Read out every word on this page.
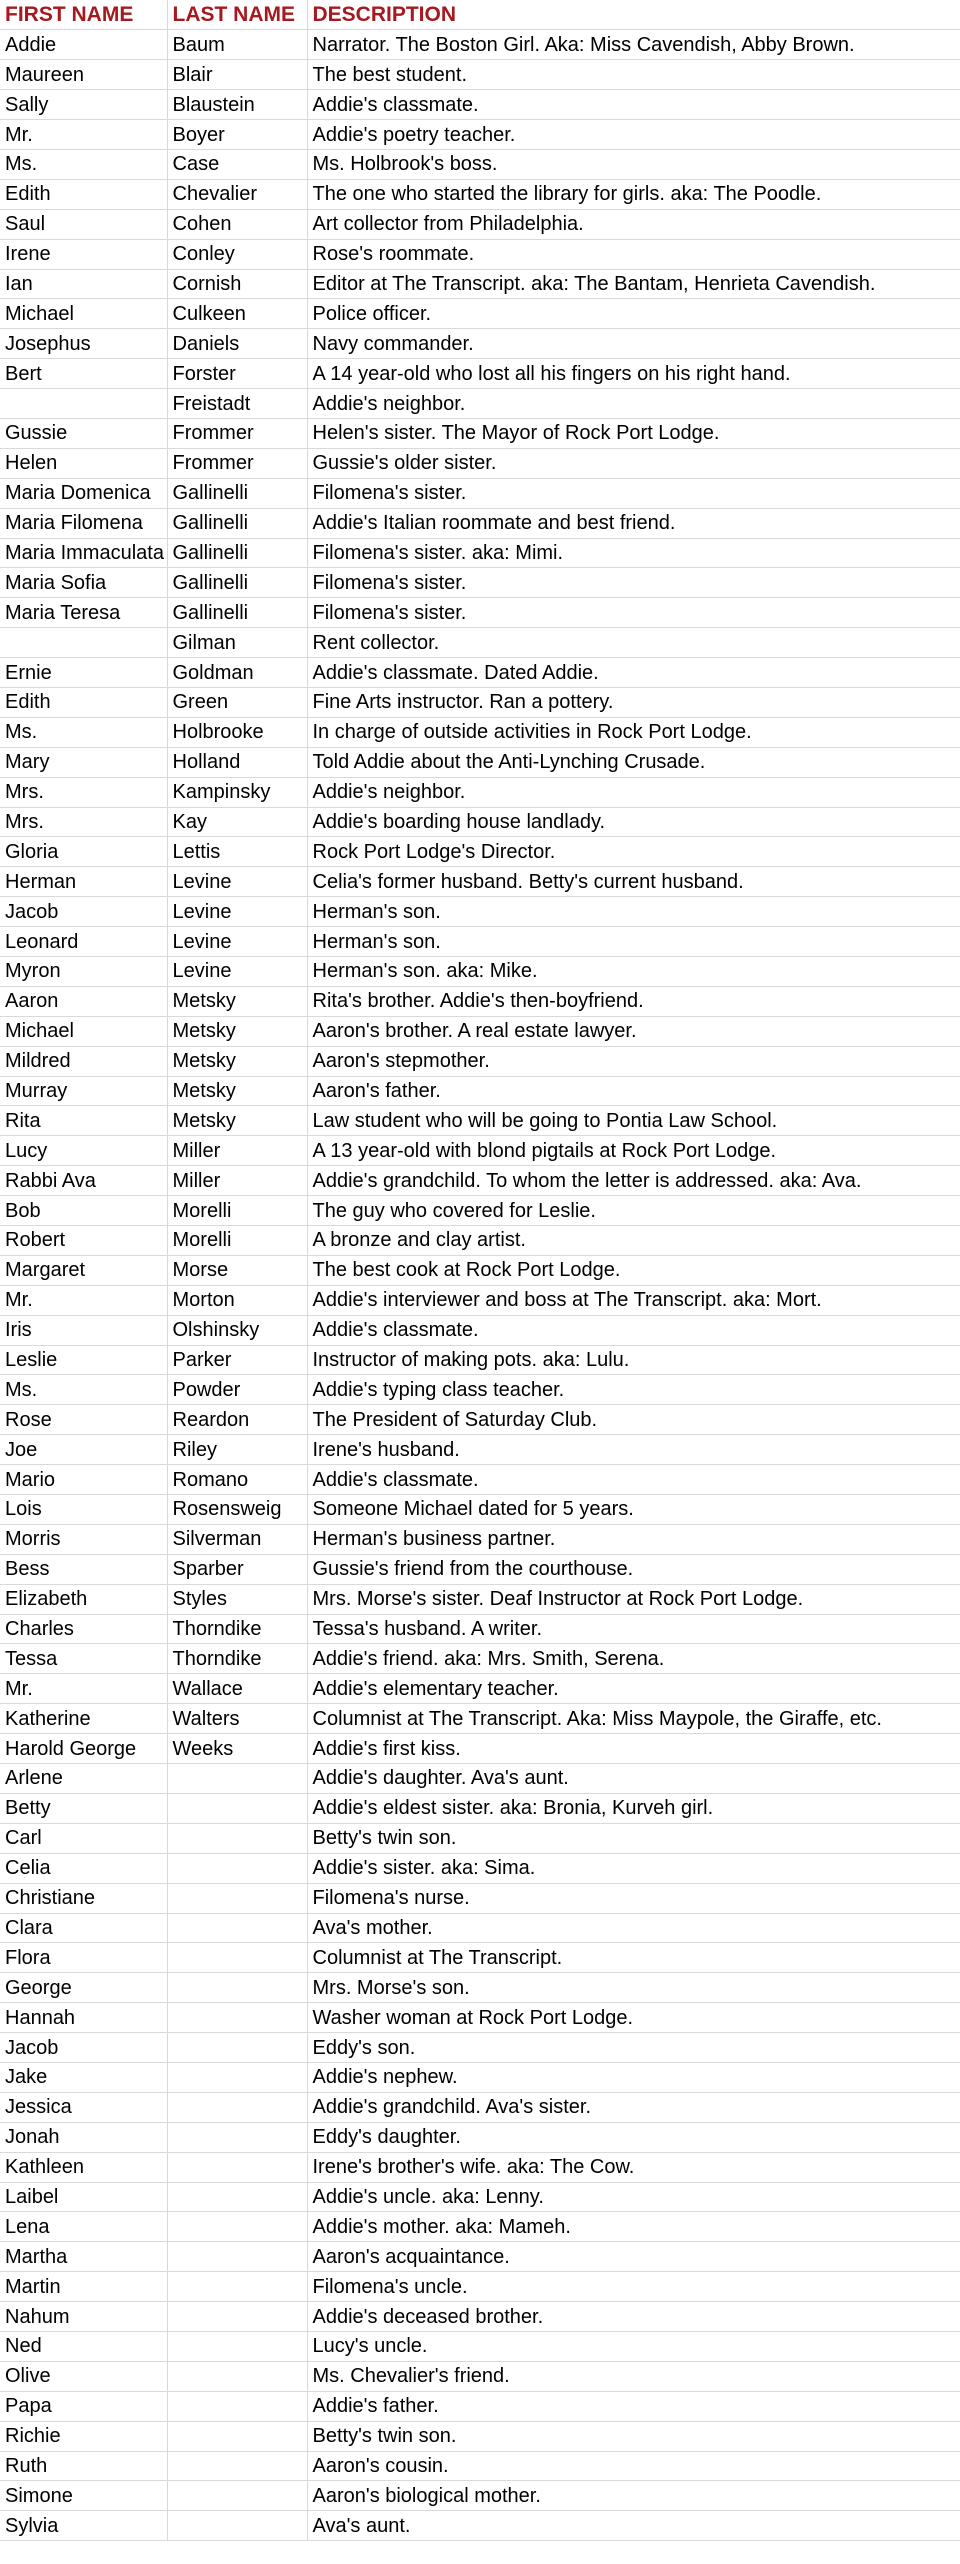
FIRST NAME	LAST NAME	DESCRIPTION
Addie	Baum	Narrator. The Boston Girl. Aka: Miss Cavendish, Abby Brown.
Maureen	Blair	The best student.
Sally	Blaustein	Addie's classmate.
Mr.	Boyer	Addie's poetry teacher.
Ms.	Case	Ms. Holbrook's boss.
Edith	Chevalier	The one who started the library for girls. aka: The Poodle.
Saul	Cohen	Art collector from Philadelphia.
Irene	Conley	Rose's roommate.
Ian	Cornish	Editor at The Transcript. aka: The Bantam, Henrieta Cavendish.
Michael	Culkeen	Police officer.
Josephus	Daniels	Navy commander.
Bert	Forster	A 14 year-old who lost all his fingers on his right hand.
	Freistadt	Addie's neighbor.
Gussie	Frommer	Helen's sister. The Mayor of Rock Port Lodge.
Helen	Frommer	Gussie's older sister.
Maria Domenica	Gallinelli	Filomena's sister.
Maria Filomena	Gallinelli	Addie's Italian roommate and best friend.
Maria Immaculata	Gallinelli	Filomena's sister. aka: Mimi.
Maria Sofia	Gallinelli	Filomena's sister.
Maria Teresa	Gallinelli	Filomena's sister.
	Gilman	Rent collector.
Ernie	Goldman	Addie's classmate. Dated Addie.
Edith	Green	Fine Arts instructor. Ran a pottery.
Ms.	Holbrooke	In charge of outside activities in Rock Port Lodge.
Mary	Holland	Told Addie about the Anti-Lynching Crusade.
Mrs.	Kampinsky	Addie's neighbor.
Mrs.	Kay	Addie's boarding house landlady.
Gloria	Lettis	Rock Port Lodge's Director.
Herman	Levine	Celia's former husband. Betty's current husband.
Jacob	Levine	Herman's son.
Leonard	Levine	Herman's son.
Myron	Levine	Herman's son. aka: Mike.
Aaron	Metsky	Rita's brother. Addie's then-boyfriend.
Michael	Metsky	Aaron's brother. A real estate lawyer.
Mildred	Metsky	Aaron's stepmother.
Murray	Metsky	Aaron's father.
Rita	Metsky	Law student who will be going to Pontia Law School.
Lucy	Miller	A 13 year-old with blond pigtails at Rock Port Lodge.
Rabbi Ava	Miller	Addie's grandchild. To whom the letter is addressed. aka: Ava.
Bob	Morelli	The guy who covered for Leslie.
Robert	Morelli	A bronze and clay artist.
Margaret	Morse	The best cook at Rock Port Lodge.
Mr.	Morton	Addie's interviewer and boss at The Transcript. aka: Mort.
Iris	Olshinsky	Addie's classmate.
Leslie	Parker	Instructor of making pots. aka: Lulu.
Ms.	Powder	Addie's typing class teacher.
Rose	Reardon	The President of Saturday Club.
Joe	Riley	Irene's husband.
Mario	Romano	Addie's classmate.
Lois	Rosensweig	Someone Michael dated for 5 years.
Morris	Silverman	Herman's business partner.
Bess	Sparber	Gussie's friend from the courthouse.
Elizabeth	Styles	Mrs. Morse's sister. Deaf Instructor at Rock Port Lodge.
Charles	Thorndike	Tessa's husband. A writer.
Tessa	Thorndike	Addie's friend. aka: Mrs. Smith, Serena.
Mr.	Wallace	Addie's elementary teacher.
Katherine	Walters	Columnist at The Transcript. Aka: Miss Maypole, the Giraffe, etc.
Harold George	Weeks	Addie's first kiss.
Arlene		Addie's daughter. Ava's aunt.
Betty		Addie's eldest sister. aka: Bronia, Kurveh girl.
Carl		Betty's twin son.
Celia		Addie's sister. aka: Sima.
Christiane		Filomena's nurse.
Clara		Ava's mother.
Flora		Columnist at The Transcript.
George		Mrs. Morse's son.
Hannah		Washer woman at Rock Port Lodge.
Jacob		Eddy's son.
Jake		Addie's nephew.
Jessica		Addie's grandchild. Ava's sister.
Jonah		Eddy's daughter.
Kathleen		Irene's brother's wife. aka: The Cow.
Laibel		Addie's uncle. aka: Lenny.
Lena		Addie's mother. aka: Mameh.
Martha		Aaron's acquaintance.
Martin		Filomena's uncle.
Nahum		Addie's deceased brother.
Ned		Lucy's uncle.
Olive		Ms. Chevalier's friend.
Papa		Addie's father.
Richie		Betty's twin son.
Ruth		Aaron's cousin.
Simone		Aaron's biological mother.
Sylvia		Ava's aunt.
